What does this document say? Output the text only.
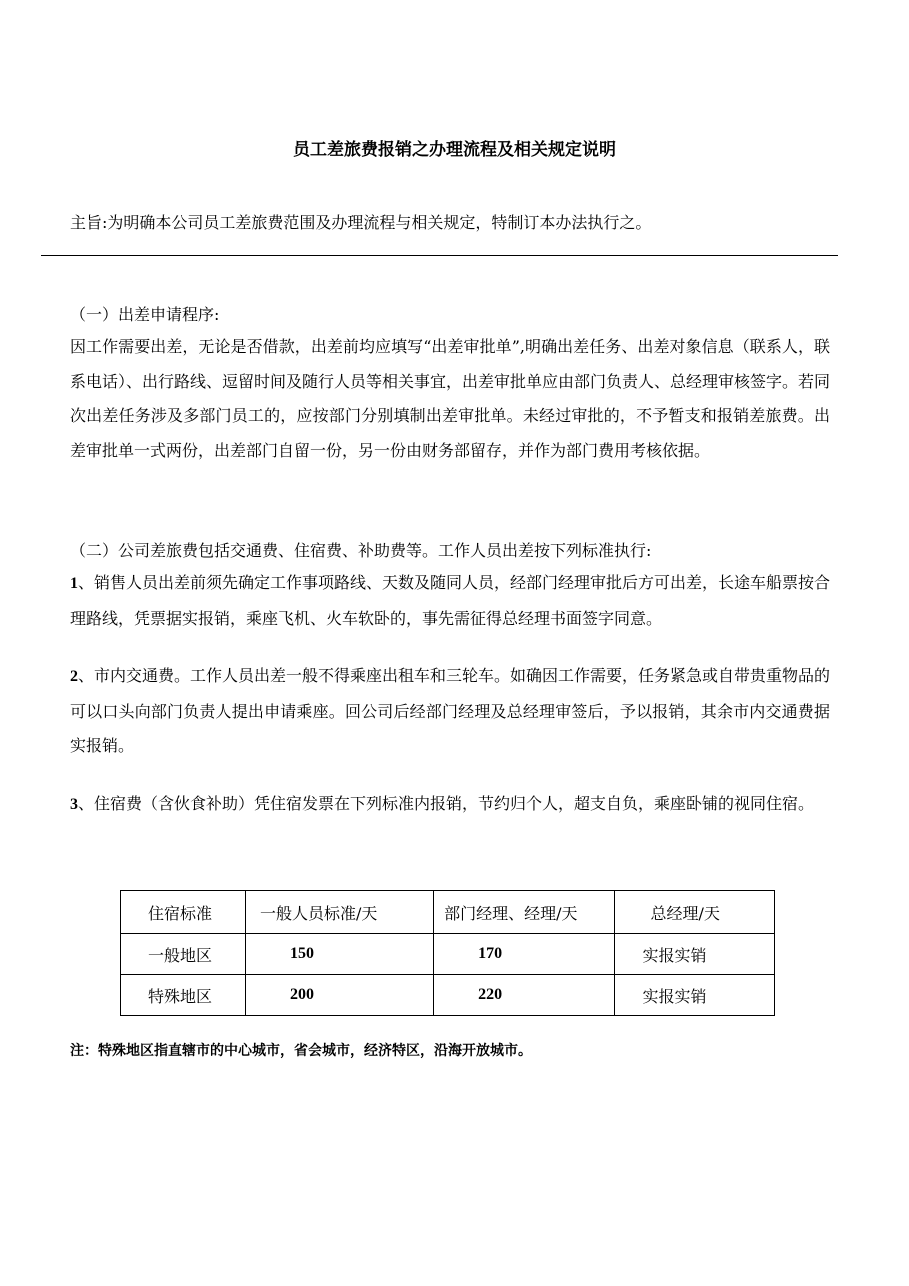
员工差旅费报销之办理流程及相关规定说明
主旨:为明确本公司员工差旅费范围及办理流程与相关规定，特制订本办法执行之。

（一）出差申请程序:

因工作需要出差，无论是否借款，出差前均应填写“出差审批单”,明确出差任务、出差对象信息（联系人，联系电话）、出行路线、逗留时间及随行人员等相关事宜，出差审批单应由部门负责人、总经理审核签字。若同次出差任务涉及多部门员工的，应按部门分别填制出差审批单。未经过审批的，不予暂支和报销差旅费。出差审批单一式两份，出差部门自留一份，另一份由财务部留存，并作为部门费用考核依据。

（二）公司差旅费包括交通费、住宿费、补助费等。工作人员出差按下列标准执行:

1、销售人员出差前须先确定工作事项路线、天数及随同人员，经部门经理审批后方可出差，长途车船票按合理路线，凭票据实报销，乘座飞机、火车软卧的，事先需征得总经理书面签字同意。

2、市内交通费。工作人员出差一般不得乘座出租车和三轮车。如确因工作需要，任务紧急或自带贵重物品的可以口头向部门负责人提出申请乘座。回公司后经部门经理及总经理审签后，予以报销，其余市内交通费据实报销。

3、住宿费（含伙食补助）凭住宿发票在下列标准内报销，节约归个人，超支自负，乘座卧铺的视同住宿。

住宿标准	一般人员标准/天	部门经理、经理/天	总经理/天
一般地区	150	170	实报实销
特殊地区	200	220	实报实销
注：特殊地区指直辖市的中心城市，省会城市，经济特区，沿海开放城市。
